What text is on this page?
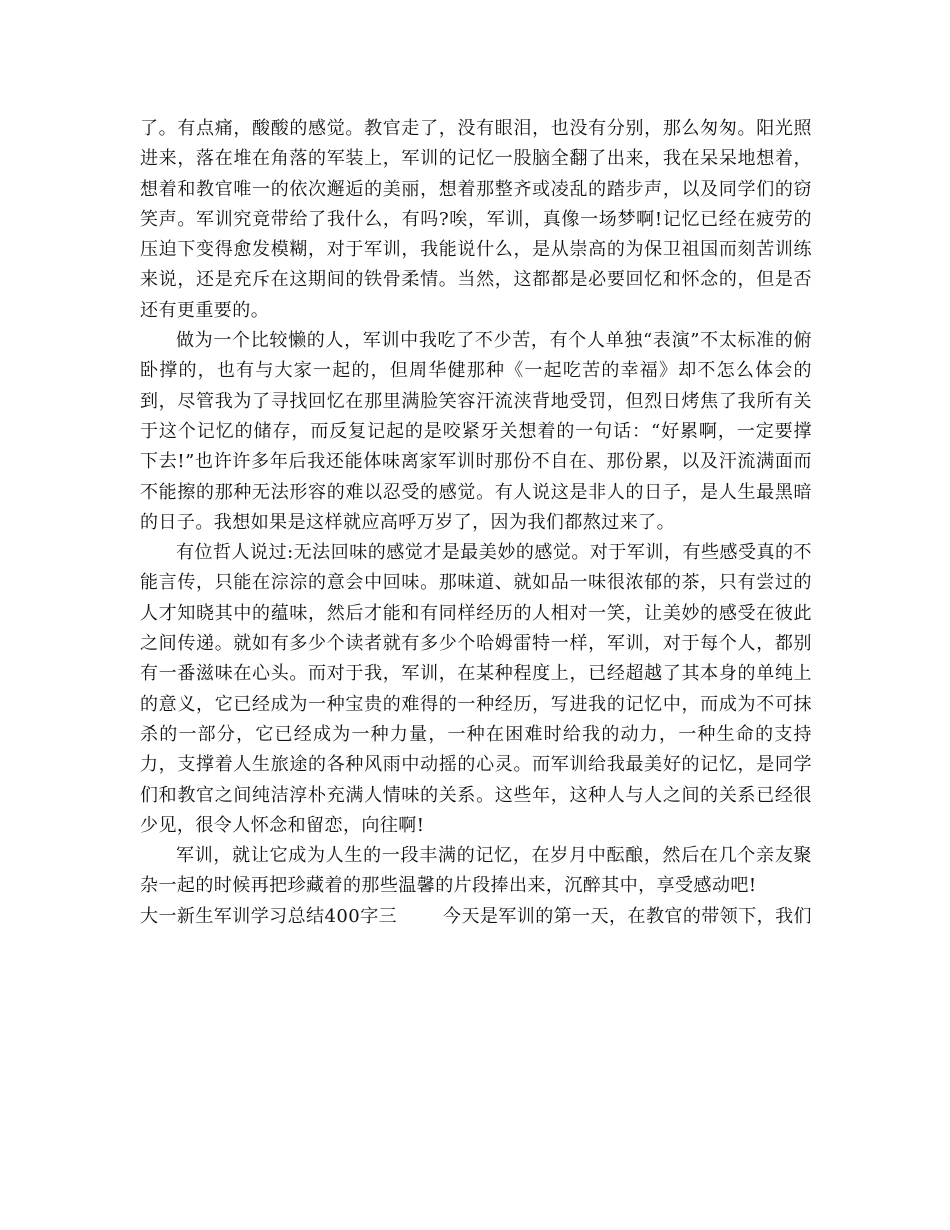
了。有点痛，酸酸的感觉。教官走了，没有眼泪，也没有分别，那么匆匆。阳光照进来，落在堆在角落的军装上，军训的记忆一股脑全翻了出来，我在呆呆地想着，想着和教官唯一的依次邂逅的美丽，想着那整齐或凌乱的踏步声，以及同学们的窃笑声。军训究竟带给了我什么，有吗?唉，军训，真像一场梦啊!记忆已经在疲劳的压迫下变得愈发模糊，对于军训，我能说什么，是从崇高的为保卫祖国而刻苦训练来说，还是充斥在这期间的铁骨柔情。当然，这都都是必要回忆和怀念的，但是否还有更重要的。

做为一个比较懒的人，军训中我吃了不少苦，有个人单独“表演”不太标准的俯卧撑的，也有与大家一起的，但周华健那种《一起吃苦的幸福》却不怎么体会的到，尽管我为了寻找回忆在那里满脸笑容汗流浃背地受罚，但烈日烤焦了我所有关于这个记忆的储存，而反复记起的是咬紧牙关想着的一句话：“好累啊，一定要撑下去!”也许许多年后我还能体味离家军训时那份不自在、那份累，以及汗流满面而不能擦的那种无法形容的难以忍受的感觉。有人说这是非人的日子，是人生最黑暗的日子。我想如果是这样就应高呼万岁了，因为我们都熬过来了。

有位哲人说过:无法回味的感觉才是最美妙的感觉。对于军训，有些感受真的不能言传，只能在淙淙的意会中回味。那味道、就如品一味很浓郁的茶，只有尝过的人才知晓其中的蕴味，然后才能和有同样经历的人相对一笑，让美妙的感受在彼此之间传递。就如有多少个读者就有多少个哈姆雷特一样，军训，对于每个人，都别有一番滋味在心头。而对于我，军训，在某种程度上，已经超越了其本身的单纯上的意义，它已经成为一种宝贵的难得的一种经历，写进我的记忆中，而成为不可抹杀的一部分，它已经成为一种力量，一种在困难时给我的动力，一种生命的支持力，支撑着人生旅途的各种风雨中动摇的心灵。而军训给我最美好的记忆，是同学们和教官之间纯洁淳朴充满人情味的关系。这些年，这种人与人之间的关系已经很少见，很令人怀念和留恋，向往啊!

军训，就让它成为人生的一段丰满的记忆，在岁月中酝酿，然后在几个亲友聚杂一起的时候再把珍藏着的那些温馨的片段捧出来，沉醉其中，享受感动吧!

大一新生军训学习总结400字三	今天是军训的第一天，在教官的带领下，我们
